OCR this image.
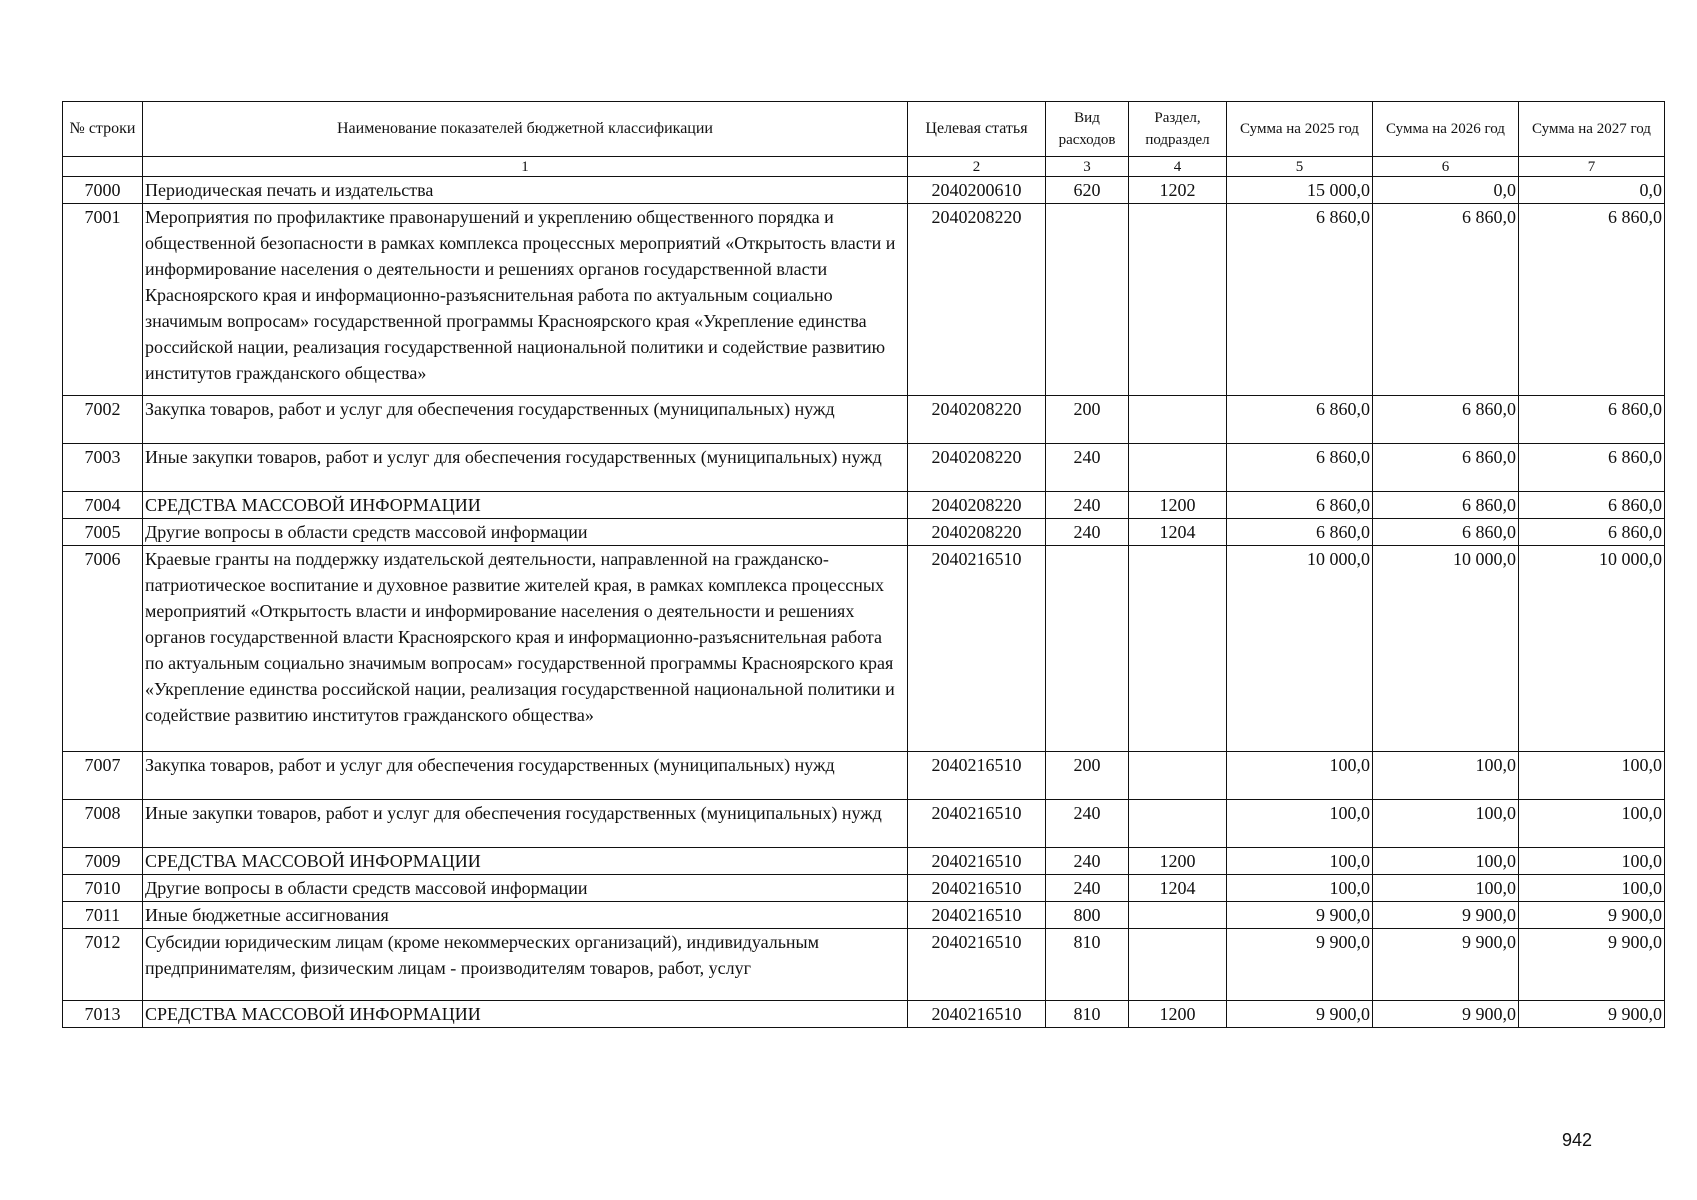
№ строки	Наименование показателей бюджетной классификации	Целевая статья	Вид расходов	Раздел, подраздел	Сумма на 2025 год	Сумма на 2026 год	Сумма на 2027 год
	1	2	3	4	5	6	7
7000	Периодическая печать и издательства	2040200610	620	1202	15 000,0	0,0	0,0
7001	Мероприятия по профилактике правонарушений и укреплению общественного порядка и общественной безопасности в рамках комплекса процессных мероприятий «Открытость власти и информирование населения о деятельности и решениях органов государственной власти Красноярского края и информационно-разъяснительная работа по актуальным социально значимым вопросам» государственной программы Красноярского края «Укрепление единства российской нации, реализация государственной национальной политики и содействие развитию институтов гражданского общества»	2040208220			6 860,0	6 860,0	6 860,0
7002	Закупка товаров, работ и услуг для обеспечения государственных (муниципальных) нужд	2040208220	200		6 860,0	6 860,0	6 860,0
7003	Иные закупки товаров, работ и услуг для обеспечения государственных (муниципальных) нужд	2040208220	240		6 860,0	6 860,0	6 860,0
7004	СРЕДСТВА МАССОВОЙ ИНФОРМАЦИИ	2040208220	240	1200	6 860,0	6 860,0	6 860,0
7005	Другие вопросы в области средств массовой информации	2040208220	240	1204	6 860,0	6 860,0	6 860,0
7006	Краевые гранты на поддержку издательской деятельности, направленной на гражданско-патриотическое воспитание и духовное развитие жителей края, в рамках комплекса процессных мероприятий «Открытость власти и информирование населения о деятельности и решениях органов государственной власти Красноярского края и информационно-разъяснительная работа по актуальным социально значимым вопросам» государственной программы Красноярского края «Укрепление единства российской нации, реализация государственной национальной политики и содействие развитию институтов гражданского общества»	2040216510			10 000,0	10 000,0	10 000,0
7007	Закупка товаров, работ и услуг для обеспечения государственных (муниципальных) нужд	2040216510	200		100,0	100,0	100,0
7008	Иные закупки товаров, работ и услуг для обеспечения государственных (муниципальных) нужд	2040216510	240		100,0	100,0	100,0
7009	СРЕДСТВА МАССОВОЙ ИНФОРМАЦИИ	2040216510	240	1200	100,0	100,0	100,0
7010	Другие вопросы в области средств массовой информации	2040216510	240	1204	100,0	100,0	100,0
7011	Иные бюджетные ассигнования	2040216510	800		9 900,0	9 900,0	9 900,0
7012	Субсидии юридическим лицам (кроме некоммерческих организаций), индивидуальным предпринимателям, физическим лицам - производителям товаров, работ, услуг	2040216510	810		9 900,0	9 900,0	9 900,0
7013	СРЕДСТВА МАССОВОЙ ИНФОРМАЦИИ	2040216510	810	1200	9 900,0	9 900,0	9 900,0
942
